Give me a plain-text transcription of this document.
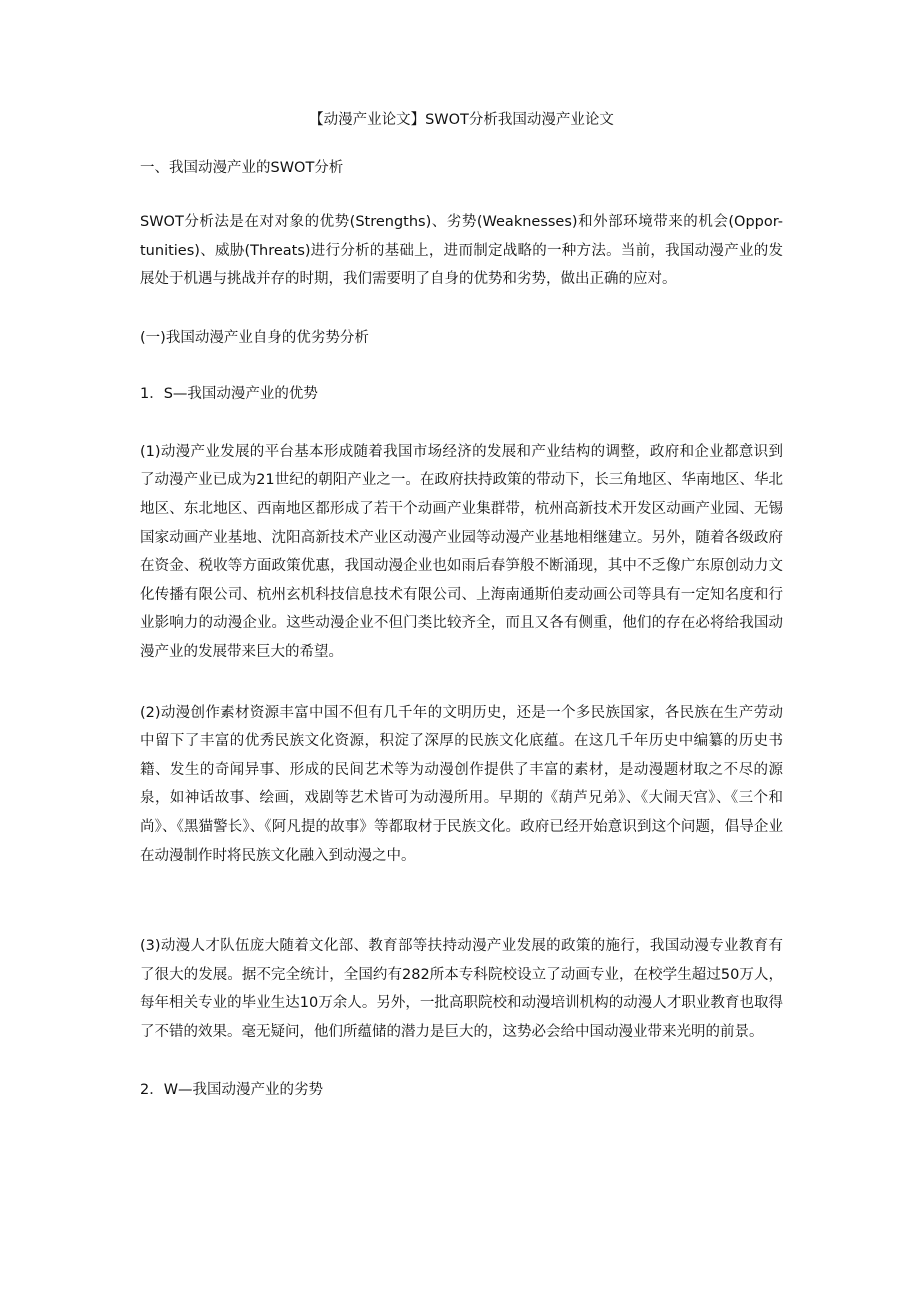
【动漫产业论文】SWOT分析我国动漫产业论文

一、我国动漫产业的SWOT分析

SWOT分析法是在对对象的优势(Strengths)、劣势(Weaknesses)和外部环境带来的机会(Oppor-tunities)、威胁(Threats)进行分析的基础上，进而制定战略的一种方法。当前，我国动漫产业的发展处于机遇与挑战并存的时期，我们需要明了自身的优势和劣势，做出正确的应对。

(一)我国动漫产业自身的优劣势分析

1．S—我国动漫产业的优势

(1)动漫产业发展的平台基本形成随着我国市场经济的发展和产业结构的调整，政府和企业都意识到了动漫产业已成为21世纪的朝阳产业之一。在政府扶持政策的带动下，长三角地区、华南地区、华北地区、东北地区、西南地区都形成了若干个动画产业集群带，杭州高新技术开发区动画产业园、无锡国家动画产业基地、沈阳高新技术产业区动漫产业园等动漫产业基地相继建立。另外，随着各级政府在资金、税收等方面政策优惠，我国动漫企业也如雨后春笋般不断涌现，其中不乏像广东原创动力文化传播有限公司、杭州玄机科技信息技术有限公司、上海南通斯伯麦动画公司等具有一定知名度和行业影响力的动漫企业。这些动漫企业不但门类比较齐全，而且又各有侧重，他们的存在必将给我国动漫产业的发展带来巨大的希望。

(2)动漫创作素材资源丰富中国不但有几千年的文明历史，还是一个多民族国家，各民族在生产劳动中留下了丰富的优秀民族文化资源，积淀了深厚的民族文化底蕴。在这几千年历史中编纂的历史书籍、发生的奇闻异事、形成的民间艺术等为动漫创作提供了丰富的素材，是动漫题材取之不尽的源泉，如神话故事、绘画，戏剧等艺术皆可为动漫所用。早期的《葫芦兄弟》、《大闹天宫》、《三个和尚》、《黑猫警长》、《阿凡提的故事》等都取材于民族文化。政府已经开始意识到这个问题，倡导企业在动漫制作时将民族文化融入到动漫之中。

(3)动漫人才队伍庞大随着文化部、教育部等扶持动漫产业发展的政策的施行，我国动漫专业教育有了很大的发展。据不完全统计，全国约有282所本专科院校设立了动画专业，在校学生超过50万人，每年相关专业的毕业生达10万余人。另外，一批高职院校和动漫培训机构的动漫人才职业教育也取得了不错的效果。毫无疑问，他们所蕴储的潜力是巨大的，这势必会给中国动漫业带来光明的前景。

2．W—我国动漫产业的劣势
